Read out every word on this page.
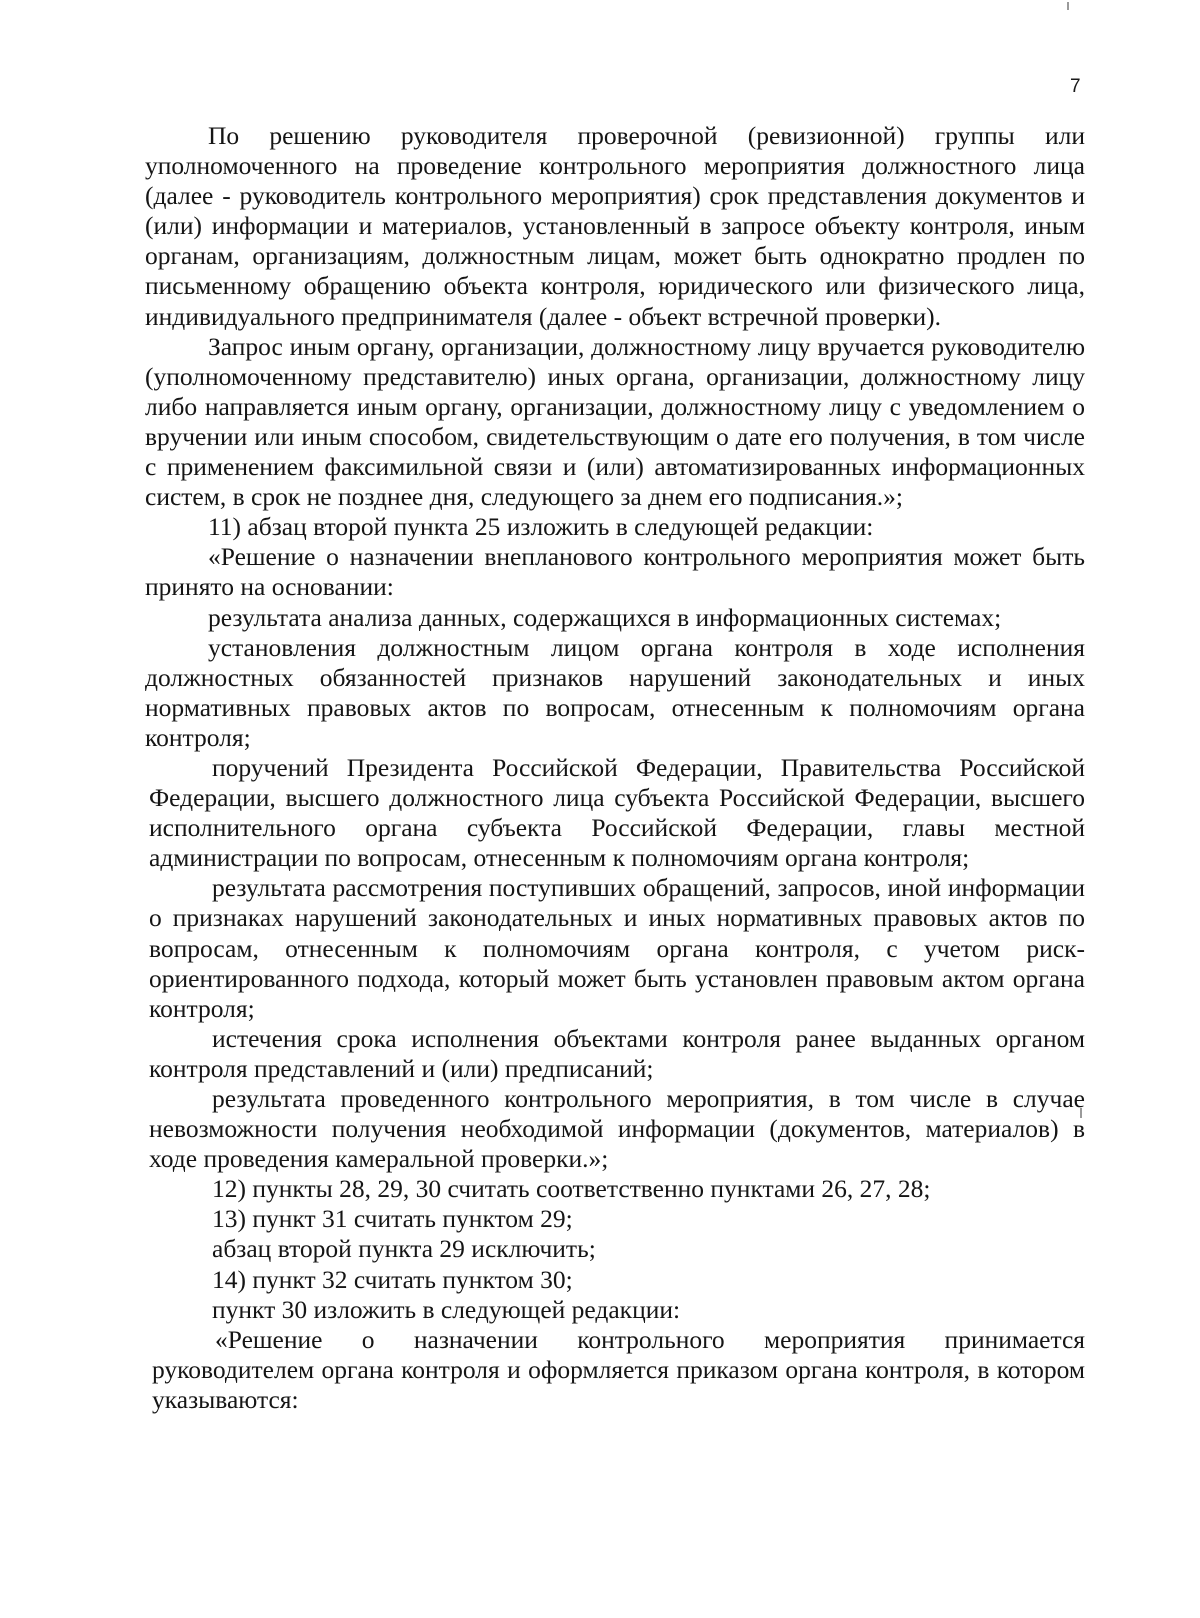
7

По решению руководителя проверочной (ревизионной) группы или уполномоченного на проведение контрольного мероприятия должностного лица (далее - руководитель контрольного мероприятия) срок представления документов и (или) информации и материалов, установленный в запросе объекту контроля, иным органам, организациям, должностным лицам, может быть однократно продлен по письменному обращению объекта контроля, юридического или физического лица, индивидуального предпринимателя (далее - объект встречной проверки).

Запрос иным органу, организации, должностному лицу вручается руководителю (уполномоченному представителю) иных органа, организации, должностному лицу либо направляется иным органу, организации, должностному лицу с уведомлением о вручении или иным способом, свидетельствующим о дате его получения, в том числе с применением факсимильной связи и (или) автоматизированных информационных систем, в срок не позднее дня, следующего за днем его подписания.»;

11) абзац второй пункта 25 изложить в следующей редакции:

«Решение о назначении внепланового контрольного мероприятия может быть принято на основании:

результата анализа данных, содержащихся в информационных системах;

установления должностным лицом органа контроля в ходе исполнения должностных обязанностей признаков нарушений законодательных и иных нормативных правовых актов по вопросам, отнесенным к полномочиям органа контроля;

поручений Президента Российской Федерации, Правительства Российской Федерации, высшего должностного лица субъекта Российской Федерации, высшего исполнительного органа субъекта Российской Федерации, главы местной администрации по вопросам, отнесенным к полномочиям органа контроля;

результата рассмотрения поступивших обращений, запросов, иной информации о признаках нарушений законодательных и иных нормативных правовых актов по вопросам, отнесенным к полномочиям органа контроля, с учетом риск-ориентированного подхода, который может быть установлен правовым актом органа контроля;

истечения срока исполнения объектами контроля ранее выданных органом контроля представлений и (или) предписаний;

результата проведенного контрольного мероприятия, в том числе в случае невозможности получения необходимой информации (документов, материалов) в ходе проведения камеральной проверки.»;

12) пункты 28, 29, 30 считать соответственно пунктами 26, 27, 28;

13) пункт 31 считать пунктом 29;

абзац второй пункта 29 исключить;

14) пункт 32 считать пунктом 30;

пункт 30 изложить в следующей редакции:

«Решение о назначении контрольного мероприятия принимается руководителем органа контроля и оформляется приказом органа контроля, в котором указываются:
